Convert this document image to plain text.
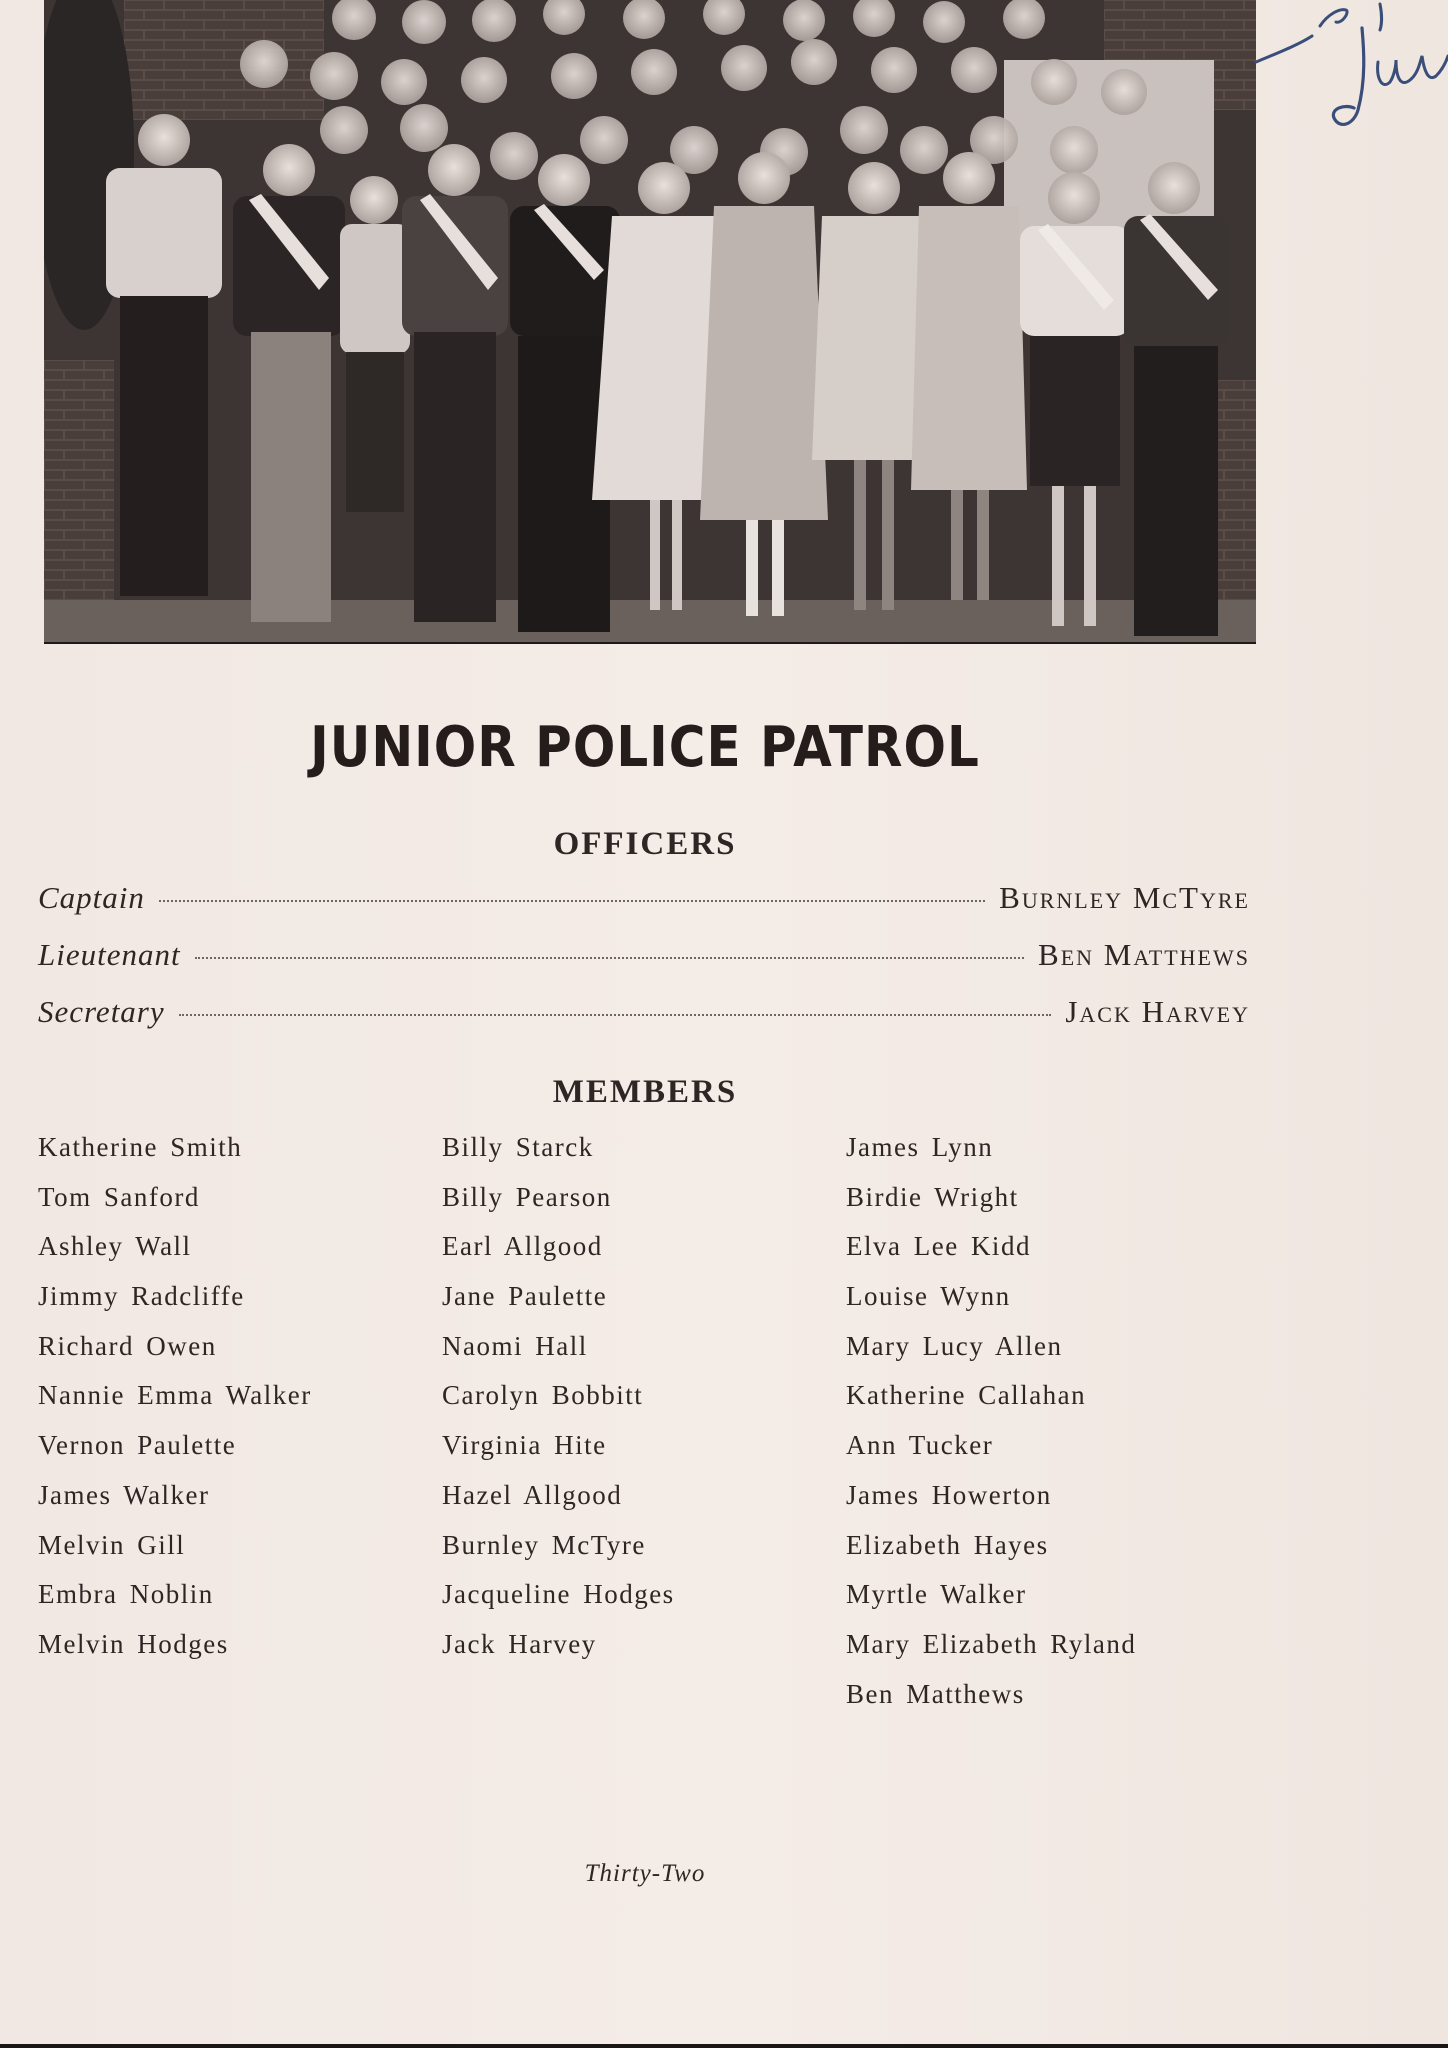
JUNIOR POLICE PATROL
OFFICERS
Captain	Burnley McTyre
Lieutenant	Ben Matthews
Secretary	Jack Harvey
MEMBERS
Katherine Smith
Tom Sanford
Ashley Wall
Jimmy Radcliffe
Richard Owen
Nannie Emma Walker
Vernon Paulette
James Walker
Melvin Gill
Embra Noblin
Melvin Hodges
Billy Starck
Billy Pearson
Earl Allgood
Jane Paulette
Naomi Hall
Carolyn Bobbitt
Virginia Hite
Hazel Allgood
Burnley McTyre
Jacqueline Hodges
Jack Harvey
James Lynn
Birdie Wright
Elva Lee Kidd
Louise Wynn
Mary Lucy Allen
Katherine Callahan
Ann Tucker
James Howerton
Elizabeth Hayes
Myrtle Walker
Mary Elizabeth Ryland
Ben Matthews
Thirty-Two
